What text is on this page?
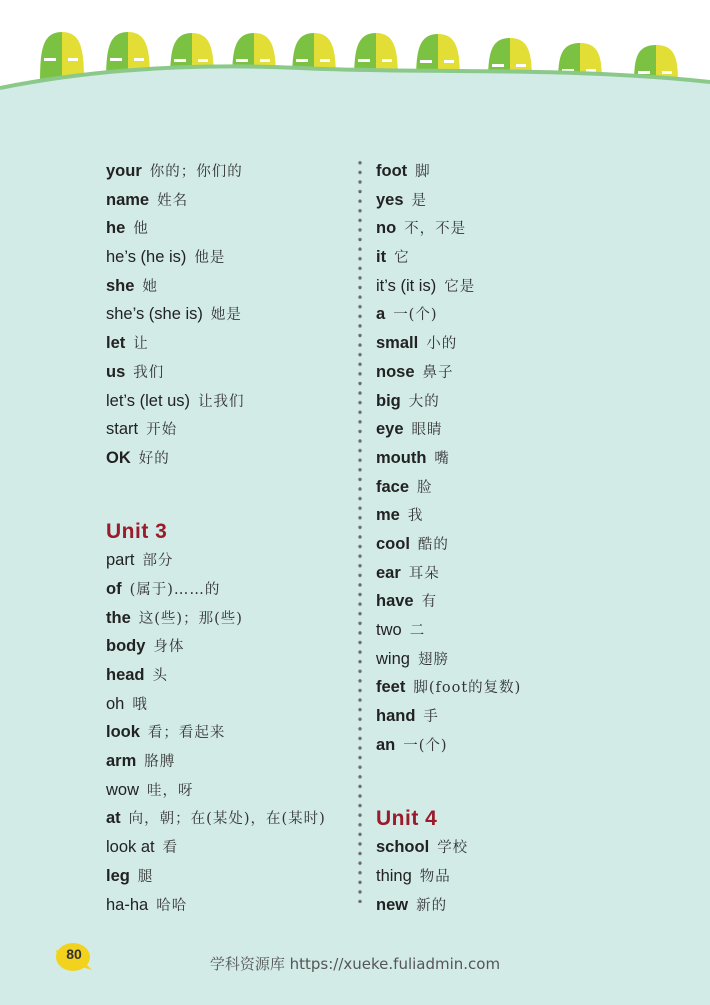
your 你的；你们的
name 姓名
he 他
he’s (he is) 他是
she 她
she’s (she is) 她是
let 让
us 我们
let’s (let us) 让我们
start 开始
OK 好的
Unit 3
part 部分
of (属于)……的
the 这(些)；那(些)
body 身体
head 头
oh 哦
look 看；看起来
arm 胳膊
wow 哇，呀
at 向，朝；在(某处)，在(某时)
look at 看
leg 腿
ha-ha 哈哈
foot 脚
yes 是
no 不，不是
it 它
it’s (it is) 它是
a 一(个)
small 小的
nose 鼻子
big 大的
eye 眼睛
mouth 嘴
face 脸
me 我
cool 酷的
ear 耳朵
have 有
two 二
wing 翅膀
feet 脚(foot的复数)
hand 手
an 一(个)
Unit 4
school 学校
thing 物品
new 新的
80
学科资源库 https://xueke.fuliadmin.com
